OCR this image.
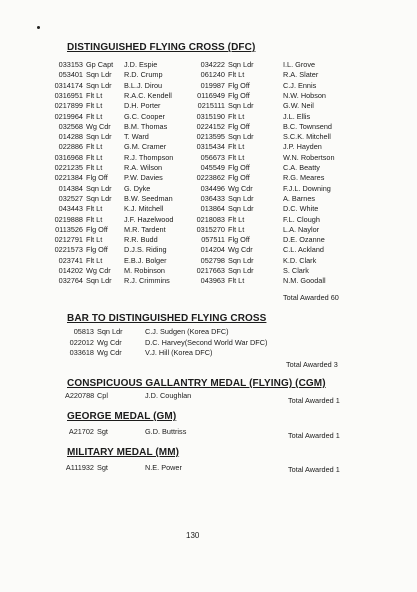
DISTINGUISHED FLYING CROSS (DFC)
Total Awarded 60
BAR TO DISTINGUISHED FLYING CROSS
Total Awarded 3
CONSPICUOUS GALLANTRY MEDAL (FLYING) (CGM)
Total Awarded 1
GEORGE MEDAL (GM)
Total Awarded 1
MILITARY MEDAL (MM)
Total Awarded 1
130
033153 Gp Capt	J.D. Espie
053401 Sqn Ldr	R.D. Crump
0314174 Sqn Ldr	B.L.J. Dirou
0316951 Flt Lt	R.A.C. Kendell
0217899 Flt Lt	D.H. Porter
0219964 Flt Lt	G.C. Cooper
032568 Wg Cdr	B.M. Thomas
014288 Sqn Ldr	T. Ward
022886 Flt Lt	G.M. Cramer
0316968 Flt Lt	R.J. Thompson
0221235 Flt Lt	R.A. Wilson
0221384 Flg Off	P.W. Davies
014384 Sqn Ldr	G. Dyke
032527 Sqn Ldr	B.W. Seedman
043443 Flt Lt	K.J. Mitchell
0219888 Flt Lt	J.F. Hazelwood
0113526 Flg Off	M.R. Tardent
0212791 Flt Lt	R.R. Budd
0221573 Flg Off	D.J.S. Riding
023741 Flt Lt	E.B.J. Bolger
014202 Wg Cdr	M. Robinson
032764 Sqn Ldr	R.J. Crimmins
034222 Sqn Ldr	I.L. Grove
061240 Flt Lt	R.A. Slater
019987 Flg Off	C.J. Ennis
0116949 Flg Off	N.W. Hobson
0215111 Sqn Ldr	G.W. Neil
0315190 Flt Lt	J.L. Ellis
0224152 Flg Off	B.C. Townsend
0213595 Sqn Ldr	S.C.K. Mitchell
0315434 Flt Lt	J.P. Hayden
056673 Flt Lt	W.N. Robertson
045549 Flg Off	C.A. Beatty
0223862 Flg Off	R.G. Meares
034496 Wg Cdr	F.J.L. Downing
036433 Sqn Ldr	A. Barnes
013864 Sqn Ldr	D.C. White
0218083 Flt Lt	F.L. Clough
0315270 Flt Lt	L.A. Naylor
057511 Flg Off	D.E. Ozanne
014204 Wg Cdr	C.L. Ackland
052798 Sqn Ldr	K.D. Clark
0217663 Sqn Ldr	S. Clark
043963 Flt Lt	N.M. Goodall
05813 Sqn Ldr	C.J. Sudgen (Korea DFC)
022012 Wg Cdr	D.C. Harvey(Second World War DFC)
033618 Wg Cdr	V.J. Hill (Korea DFC)
A220788 Cpl	J.D. Coughlan
A21702 Sgt	G.D. Buttriss
A111932 Sgt	N.E. Power
